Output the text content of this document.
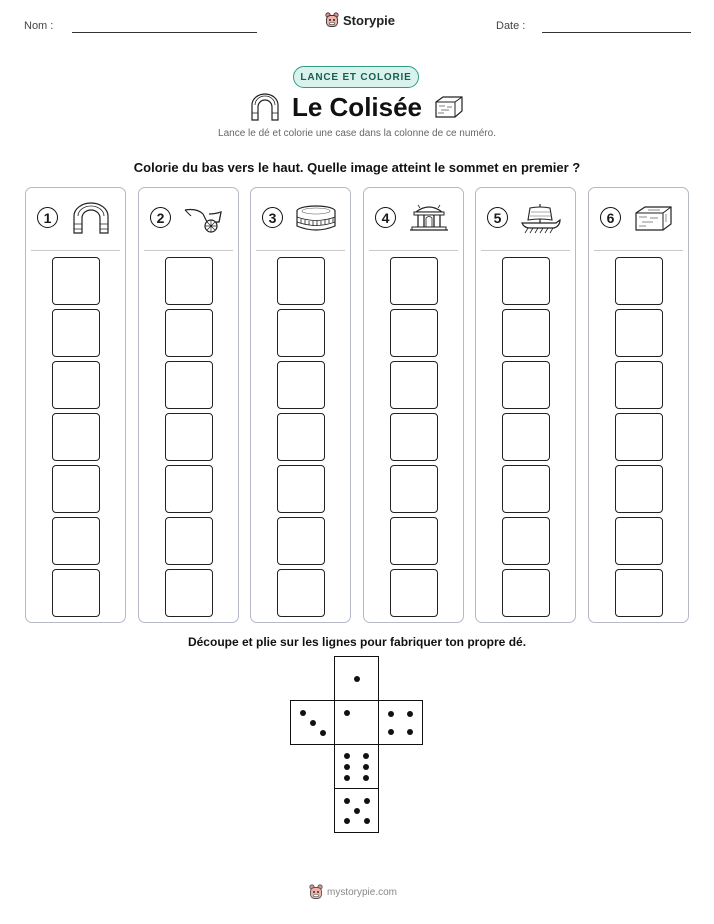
Nom :	Storypie	Date :
LANCE ET COLORIE
Le Colisée
Lance le dé et colorie une case dans la colonne de ce numéro.
Colorie du bas vers le haut. Quelle image atteint le sommet en premier ?
1	2	3	4	5	6
Découpe et plie sur les lignes pour fabriquer ton propre dé.
mystorypie.com
